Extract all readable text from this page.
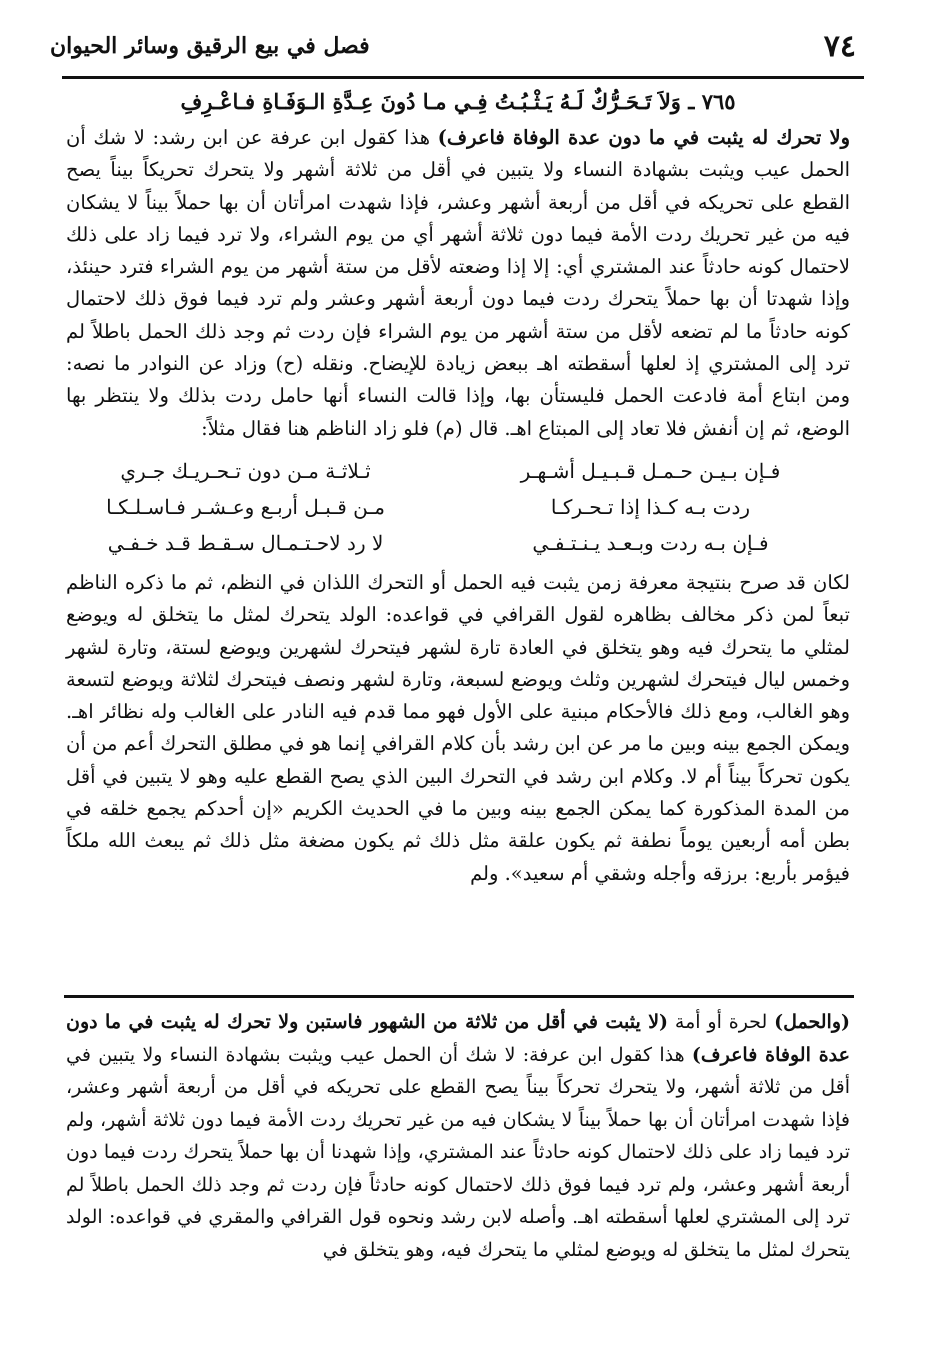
٧٤
فصل في بيع الرقيق وسائر الحيوان
٧٦٥ ـ وَلاَ تَـحَـرُّكٌ لَـهُ يَـثْـبُـتُ فِـي مـا دُونَ عِـدَّةِ الـوَفَـاةِ فـاعْـرِفِ

ولا تحرك له يثبت في ما دون عدة الوفاة فاعرف) هذا كقول ابن عرفة عن ابن رشد: لا شك أن الحمل عيب ويثبت بشهادة النساء ولا يتبين في أقل من ثلاثة أشهر ولا يتحرك تحريكاً بيناً يصح القطع على تحريكه في أقل من أربعة أشهر وعشر، فإذا شهدت امرأتان أن بها حملاً بيناً لا يشكان فيه من غير تحريك ردت الأمة فيما دون ثلاثة أشهر أي من يوم الشراء، ولا ترد فيما زاد على ذلك لاحتمال كونه حادثاً عند المشتري أي: إلا إذا وضعته لأقل من ستة أشهر من يوم الشراء فترد حينئذ، وإذا شهدتا أن بها حملاً يتحرك ردت فيما دون أربعة أشهر وعشر ولم ترد فيما فوق ذلك لاحتمال كونه حادثاً ما لم تضعه لأقل من ستة أشهر من يوم الشراء فإن ردت ثم وجد ذلك الحمل باطلاً لم ترد إلى المشتري إذ لعلها أسقطته اهـ ببعض زيادة للإيضاح. ونقله (ح) وزاد عن النوادر ما نصه: ومن ابتاع أمة فادعت الحمل فليستأن بها، وإذا قالت النساء أنها حامل ردت بذلك ولا ينتظر بها الوضع، ثم إن أنفش فلا تعاد إلى المبتاع اهـ. قال (م) فلو زاد الناظم هنا فقال مثلاً:

فـإن بـيـن حـمـل قـبـيـل أشـهـر
ثـلاثـة مـن دون تـحـريـك جـري
ردت بـه كـذا إذا تـحـركـا
مـن قـبـل أربـع وعـشـر فـاسـلـكـا
فـإن بـه ردت وبـعـد يـنـتـفـي
لا رد لاحـتـمـال سـقـط قـد خـفـي

لكان قد صرح بنتيجة معرفة زمن يثبت فيه الحمل أو التحرك اللذان في النظم، ثم ما ذكره الناظم تبعاً لمن ذكر مخالف بظاهره لقول القرافي في قواعده: الولد يتحرك لمثل ما يتخلق له ويوضع لمثلي ما يتحرك فيه وهو يتخلق في العادة تارة لشهر فيتحرك لشهرين ويوضع لستة، وتارة لشهر وخمس ليال فيتحرك لشهرين وثلث ويوضع لسبعة، وتارة لشهر ونصف فيتحرك لثلاثة ويوضع لتسعة وهو الغالب، ومع ذلك فالأحكام مبنية على الأول فهو مما قدم فيه النادر على الغالب وله نظائر اهـ. ويمكن الجمع بينه وبين ما مر عن ابن رشد بأن كلام القرافي إنما هو في مطلق التحرك أعم من أن يكون تحركاً بيناً أم لا. وكلام ابن رشد في التحرك البين الذي يصح القطع عليه وهو لا يتبين في أقل من المدة المذكورة كما يمكن الجمع بينه وبين ما في الحديث الكريم «إن أحدكم يجمع خلقه في بطن أمه أربعين يوماً نطفة ثم يكون علقة مثل ذلك ثم يكون مضغة مثل ذلك ثم يبعث الله ملكاً فيؤمر بأربع: برزقه وأجله وشقي أم سعيد». ولم

(والحمل) لحرة أو أمة (لا يثبت في أقل من ثلاثة من الشهور فاستبن ولا تحرك له يثبت في ما دون عدة الوفاة فاعرف) هذا كقول ابن عرفة: لا شك أن الحمل عيب ويثبت بشهادة النساء ولا يتبين في أقل من ثلاثة أشهر، ولا يتحرك تحركاً بيناً يصح القطع على تحريكه في أقل من أربعة أشهر وعشر، فإذا شهدت امرأتان أن بها حملاً بيناً لا يشكان فيه من غير تحريك ردت الأمة فيما دون ثلاثة أشهر، ولم ترد فيما زاد على ذلك لاحتمال كونه حادثاً عند المشتري، وإذا شهدنا أن بها حملاً يتحرك ردت فيما دون أربعة أشهر وعشر، ولم ترد فيما فوق ذلك لاحتمال كونه حادثاً فإن ردت ثم وجد ذلك الحمل باطلاً لم ترد إلى المشتري لعلها أسقطته اهـ. وأصله لابن رشد ونحوه قول القرافي والمقري في قواعده: الولد يتحرك لمثل ما يتخلق له ويوضع لمثلي ما يتحرك فيه، وهو يتخلق في
